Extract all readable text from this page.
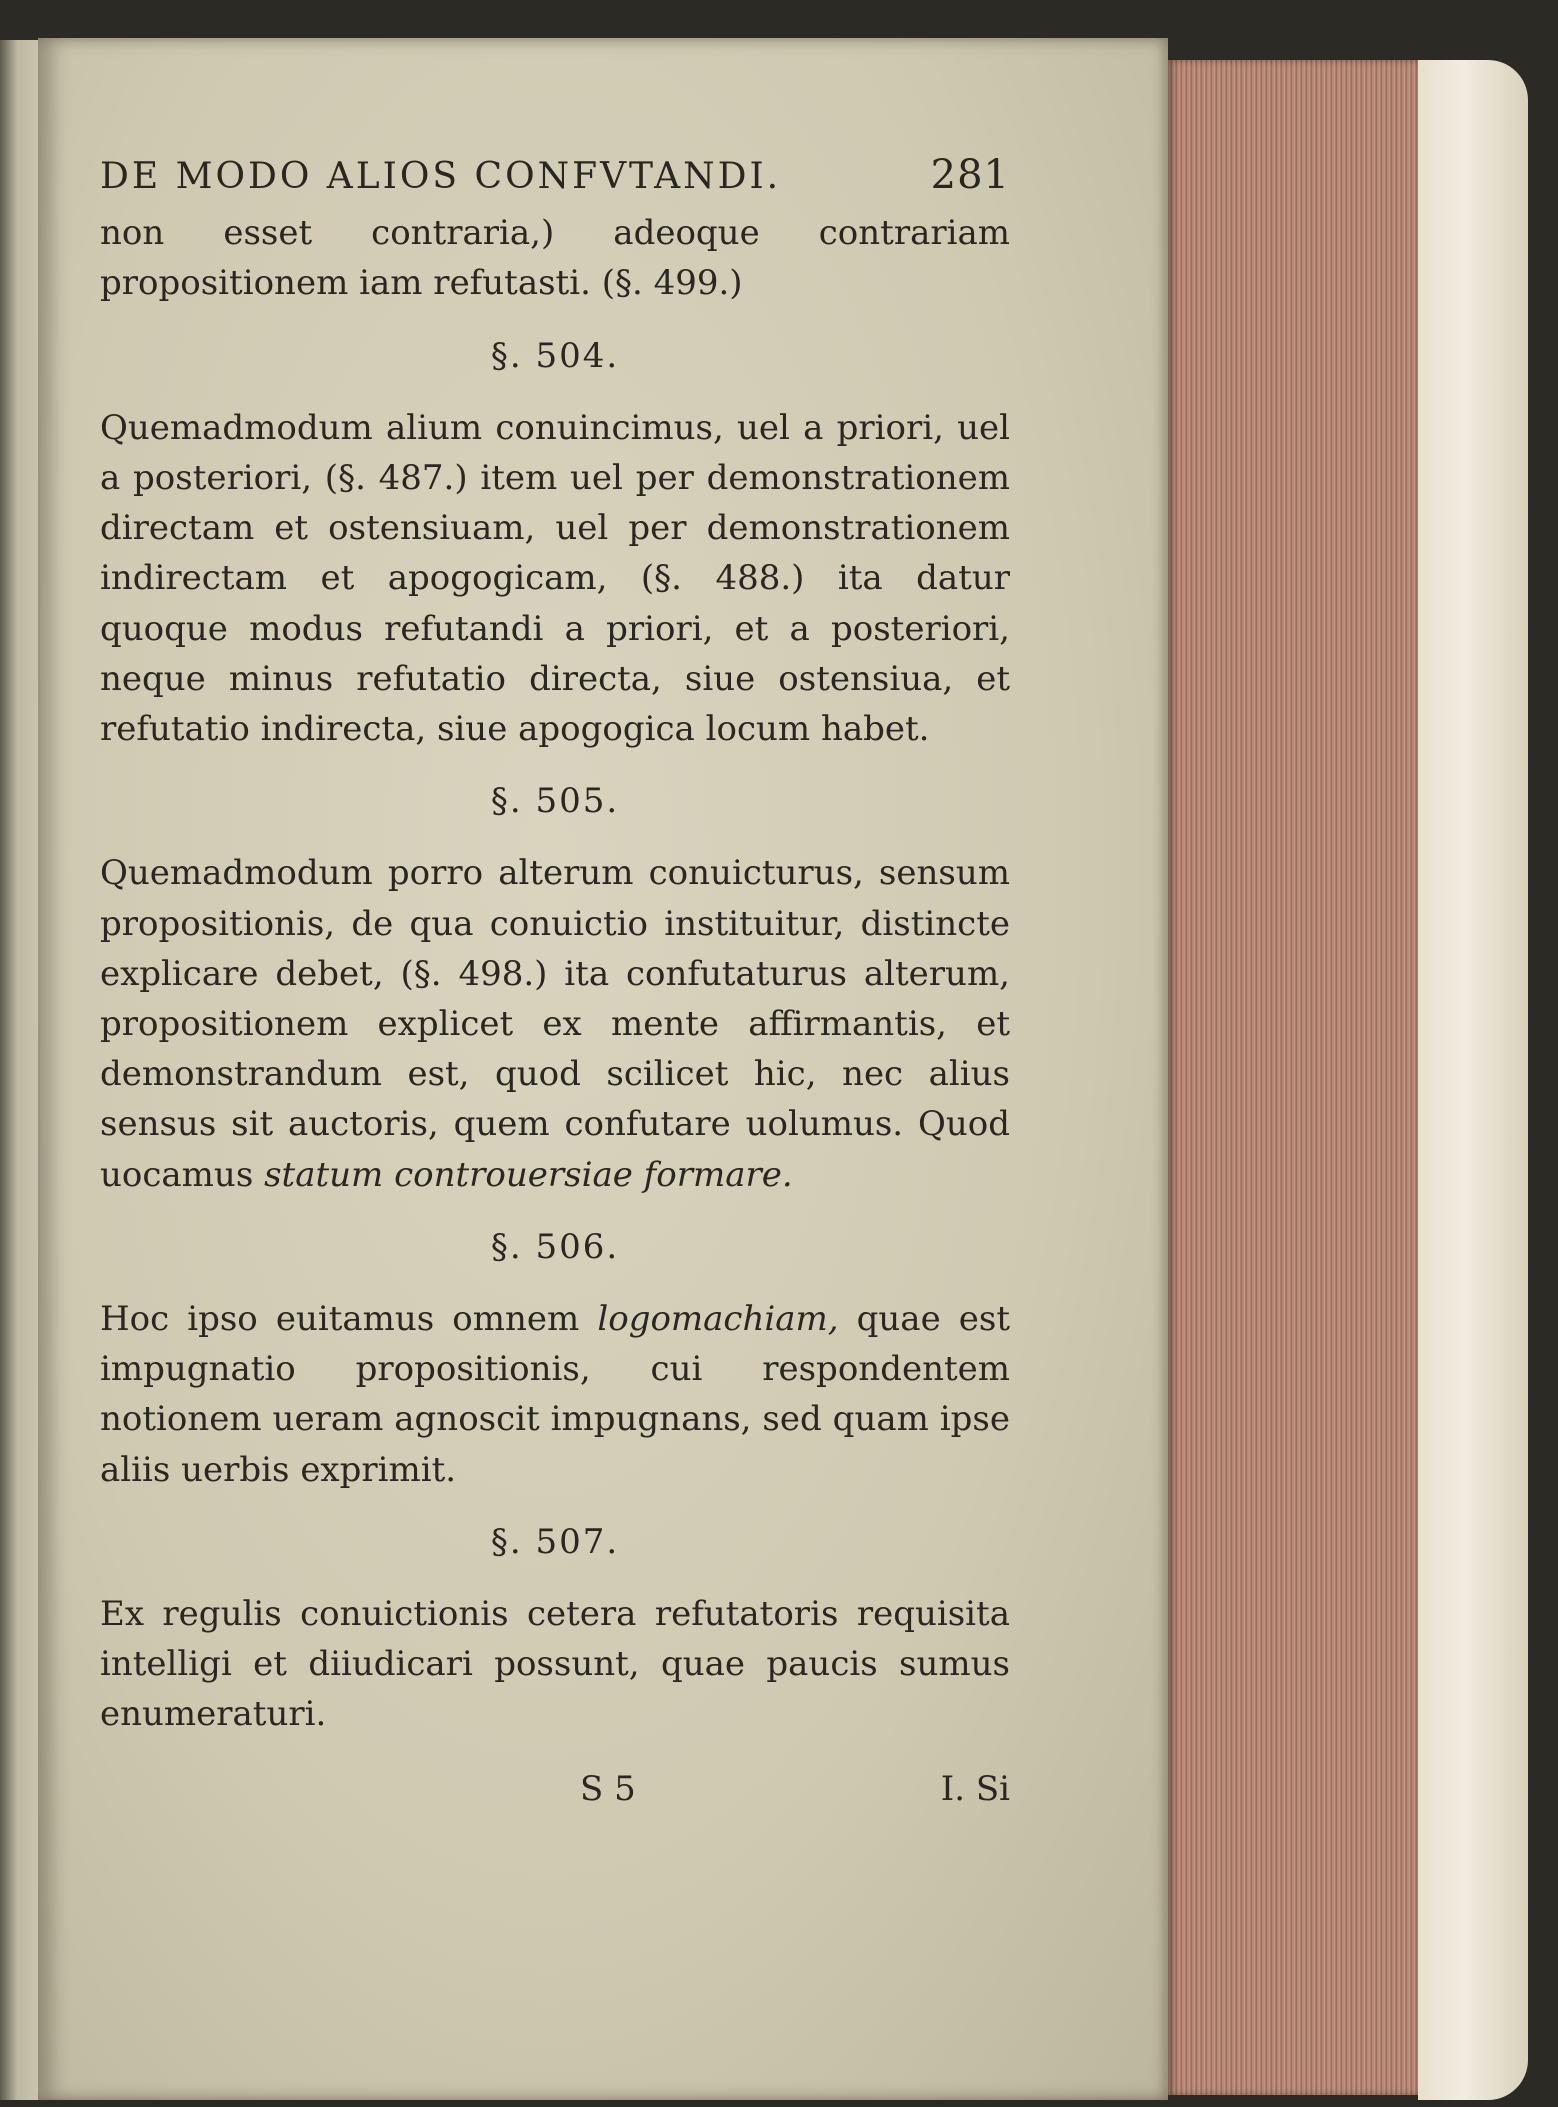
DE MODO ALIOS CONFVTANDI.	281

non esset contraria,) adeoque contrariam propositionem iam refutasti. (§. 499.)

§. 504.

Quemadmodum alium conuincimus, uel a priori, uel a posteriori, (§. 487.) item uel per demonstrationem directam et ostensiuam, uel per demonstrationem indirectam et apogogicam, (§. 488.) ita datur quoque modus refutandi a priori, et a posteriori, neque minus refutatio directa, siue ostensiua, et refutatio indirecta, siue apogogica locum habet.

§. 505.

Quemadmodum porro alterum conuicturus, sensum propositionis, de qua conuictio instituitur, distincte explicare debet, (§. 498.) ita confutaturus alterum, propositionem explicet ex mente affirmantis, et demonstrandum est, quod scilicet hic, nec alius sensus sit auctoris, quem confutare uolumus. Quod uocamus statum controuersiae formare.

§. 506.

Hoc ipso euitamus omnem logomachiam, quae est impugnatio propositionis, cui respondentem notionem ueram agnoscit impugnans, sed quam ipse aliis uerbis exprimit.

§. 507.

Ex regulis conuictionis cetera refutatoris requisita intelligi et diiudicari possunt, quae paucis sumus enumeraturi.

S 5	I. Si
